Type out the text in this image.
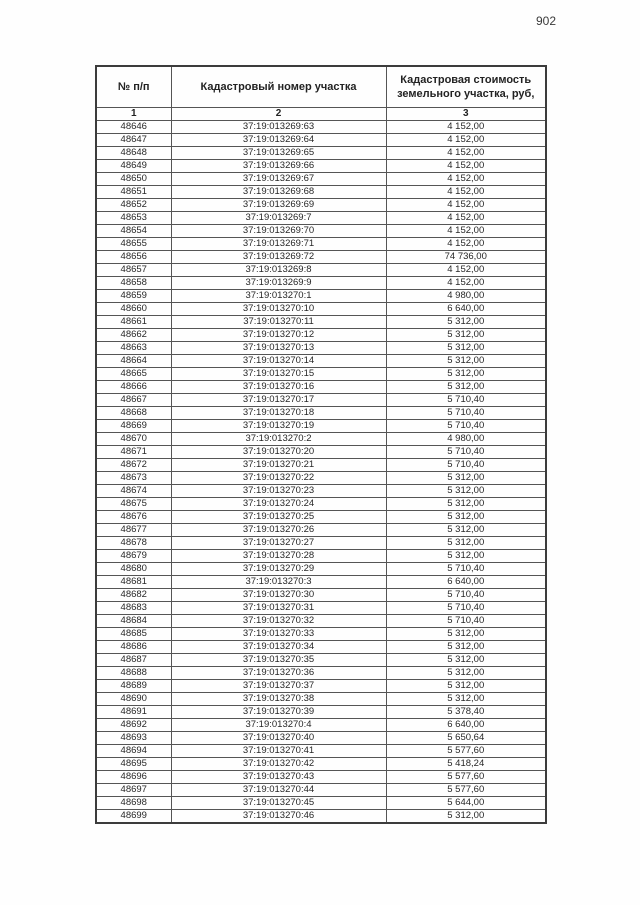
902
№ п/п	Кадастровый номер участка	Кадастровая стоимость земельного участка, руб,
1	2	3
48646	37:19:013269:63	4 152,00
48647	37:19:013269:64	4 152,00
48648	37:19:013269:65	4 152,00
48649	37:19:013269:66	4 152,00
48650	37:19:013269:67	4 152,00
48651	37:19:013269:68	4 152,00
48652	37:19:013269:69	4 152,00
48653	37:19:013269:7	4 152,00
48654	37:19:013269:70	4 152,00
48655	37:19:013269:71	4 152,00
48656	37:19:013269:72	74 736,00
48657	37:19:013269:8	4 152,00
48658	37:19:013269:9	4 152,00
48659	37:19:013270:1	4 980,00
48660	37:19:013270:10	6 640,00
48661	37:19:013270:11	5 312,00
48662	37:19:013270:12	5 312,00
48663	37:19:013270:13	5 312,00
48664	37:19:013270:14	5 312,00
48665	37:19:013270:15	5 312,00
48666	37:19:013270:16	5 312,00
48667	37:19:013270:17	5 710,40
48668	37:19:013270:18	5 710,40
48669	37:19:013270:19	5 710,40
48670	37:19:013270:2	4 980,00
48671	37:19:013270:20	5 710,40
48672	37:19:013270:21	5 710,40
48673	37:19:013270:22	5 312,00
48674	37:19:013270:23	5 312,00
48675	37:19:013270:24	5 312,00
48676	37:19:013270:25	5 312,00
48677	37:19:013270:26	5 312,00
48678	37:19:013270:27	5 312,00
48679	37:19:013270:28	5 312,00
48680	37:19:013270:29	5 710,40
48681	37:19:013270:3	6 640,00
48682	37:19:013270:30	5 710,40
48683	37:19:013270:31	5 710,40
48684	37:19:013270:32	5 710,40
48685	37:19:013270:33	5 312,00
48686	37:19:013270:34	5 312,00
48687	37:19:013270:35	5 312,00
48688	37:19:013270:36	5 312,00
48689	37:19:013270:37	5 312,00
48690	37:19:013270:38	5 312,00
48691	37:19:013270:39	5 378,40
48692	37:19:013270:4	6 640,00
48693	37:19:013270:40	5 650,64
48694	37:19:013270:41	5 577,60
48695	37:19:013270:42	5 418,24
48696	37:19:013270:43	5 577,60
48697	37:19:013270:44	5 577,60
48698	37:19:013270:45	5 644,00
48699	37:19:013270:46	5 312,00
